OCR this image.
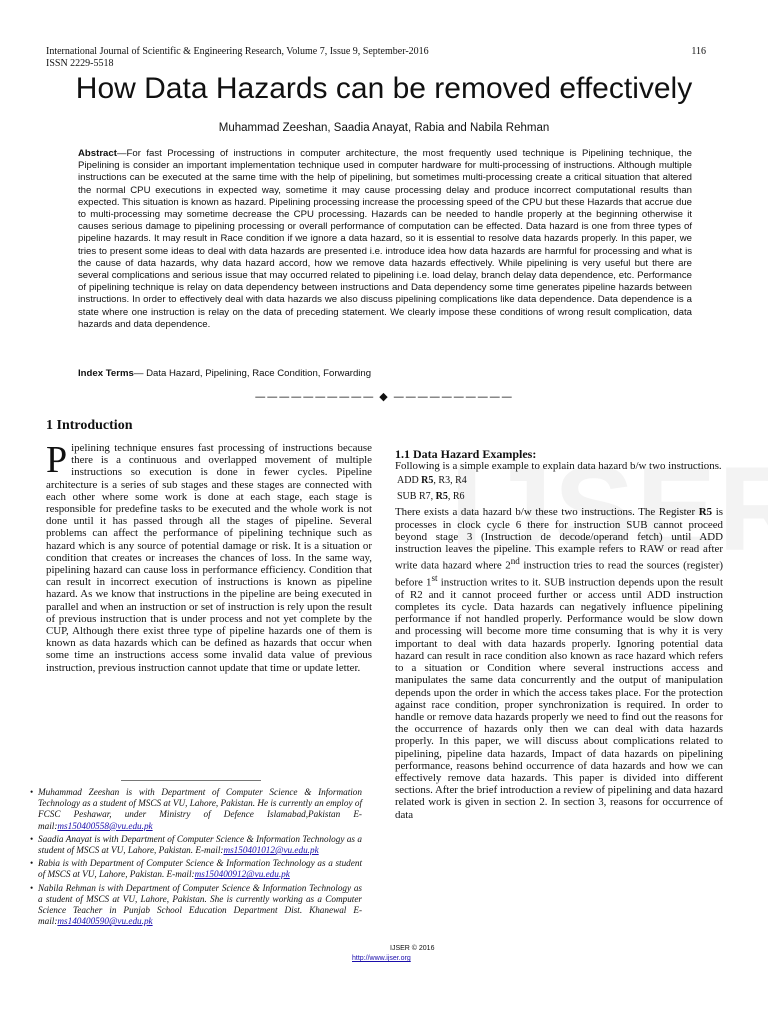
International Journal of Scientific & Engineering Research, Volume 7, Issue 9, September-2016
ISSN 2229-5518
116
How Data Hazards can be removed effectively
Muhammad Zeeshan, Saadia Anayat, Rabia and Nabila Rehman
Abstract—For fast Processing of instructions in computer architecture, the most frequently used technique is Pipelining technique, the Pipelining is consider an important implementation technique used in computer hardware for multi-processing of instructions. Although multiple instructions can be executed at the same time with the help of pipelining, but sometimes multi-processing create a critical situation that altered the normal CPU executions in expected way, sometime it may cause processing delay and produce incorrect computational results than expected. This situation is known as hazard. Pipelining processing increase the processing speed of the CPU but these Hazards that accrue due to multi-processing may sometime decrease the CPU processing. Hazards can be needed to handle properly at the beginning otherwise it causes serious damage to pipelining processing or overall performance of computation can be effected. Data hazard is one from three types of pipeline hazards. It may result in Race condition if we ignore a data hazard, so it is essential to resolve data hazards properly. In this paper, we tries to present some ideas to deal with data hazards are presented i.e. introduce idea how data hazards are harmful for processing and what is the cause of data hazards, why data hazard accord, how we remove data hazards effectively. While pipelining is very useful but there are several complications and serious issue that may occurred related to pipelining i.e. load delay, branch delay data dependence, etc. Performance of pipelining technique is relay on data dependency between instructions and Data dependency some time generates pipeline hazards between instructions. In order to effectively deal with data hazards we also discuss pipelining complications like data dependence. Data dependence is a state where one instruction is relay on the data of preceding statement. We clearly impose these conditions of wrong result complication, data hazards and data dependence.
Index Terms— Data Hazard, Pipelining, Race Condition, Forwarding
—————————— ◆ ——————————
1 Introduction
Pipelining technique ensures fast processing of instructions because there is a continuous and overlapped movement of multiple instructions so execution is done in fewer cycles. Pipeline architecture is a series of sub stages and these stages are connected with each other where some work is done at each stage, each stage is responsible for predefine tasks to be executed and the whole work is not done until it has passed through all the stages of pipeline. Several problems can affect the performance of pipelining technique such as hazard which is any source of potential damage or risk. It is a situation or condition that creates or increases the chances of loss. In the same way, pipelining hazard can cause loss in performance efficiency. Condition that can result in incorrect execution of instructions is known as pipeline hazard. As we know that instructions in the pipeline are being executed in parallel and when an instruction or set of instruction is rely upon the result of previous instruction that is under process and not yet complete by the CUP, Although there exist three type of pipeline hazards one of them is known as data hazards which can be defined as hazards that occur when some time an instructions access some invalid data value of previous instruction, previous instruction cannot update that time or update letter.
• Muhammad Zeeshan is with Department of Computer Science & Information Technology as a student of MSCS at VU, Lahore, Pakistan. He is currently an employ of FCSC Peshawar, under Ministry of Defence Islamabad,Pakistan E-mail:ms150400558@vu.edu.pk
• Saadia Anayat is with Department of Computer Science & Information Technology as a student of MSCS at VU, Lahore, Pakistan. E-mail:ms150401012@vu.edu.pk
• Rabia is with Department of Computer Science & Information Technology as a student of MSCS at VU, Lahore, Pakistan. E-mail:ms150400912@vu.edu.pk
• Nabila Rehman is with Department of Computer Science & Information Technology as a student of MSCS at VU, Lahore, Pakistan. She is currently working as a Computer Science Teacher in Punjab School Education Department Dist. Khanewal E-mail:ms140400590@vu.edu.pk
1.1 Data Hazard Examples:
Following is a simple example to explain data hazard b/w two instructions.
ADD R5, R3, R4
SUB R7, R5, R6
There exists a data hazard b/w these two instructions. The Register R5 is processes in clock cycle 6 there for instruction SUB cannot proceed beyond stage 3 (Instruction de decode/operand fetch) until ADD instruction leaves the pipeline. This example refers to RAW or read after write data hazard where 2nd instruction tries to read the sources (register) before 1st instruction writes to it. SUB instruction depends upon the result of R2 and it cannot proceed further or access until ADD instruction completes its cycle. Data hazards can negatively influence pipelining performance if not handled properly. Performance would be slow down and processing will become more time consuming that is why it is very important to deal with data hazards properly. Ignoring potential data hazard can result in race condition also known as race hazard which refers to a situation or Condition where several instructions access and manipulates the same data concurrently and the output of manipulation depends upon the order in which the access takes place. For the protection against race condition, proper synchronization is required. In order to handle or remove data hazards properly we need to find out the reasons for the occurrence of hazards only then we can deal with data hazards properly. In this paper, we will discuss about complications related to pipelining, pipeline data hazards, Impact of data hazards on pipelining performance, reasons behind occurrence of data hazards and how we can effectively remove data hazards. This paper is divided into different sections. After the brief introduction a review of pipelining and data hazard related work is given in section 2. In section 3, reasons for occurrence of data
IJSER © 2016
http://www.ijser.org
